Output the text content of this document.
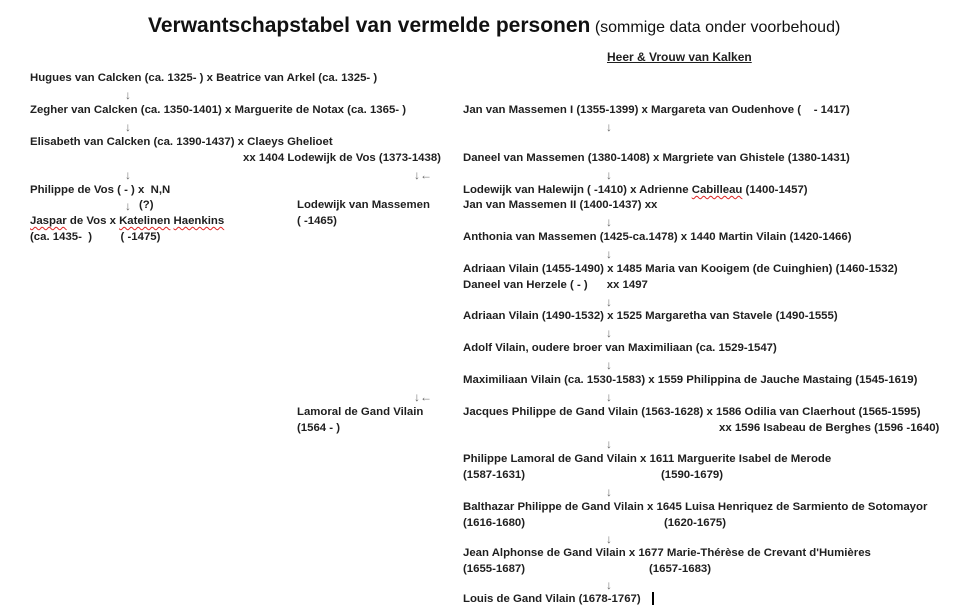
Verwantschapstabel van vermelde personen (sommige data onder voorbehoud)
Heer & Vrouw van Kalken
Hugues van Calcken (ca. 1325- ) x Beatrice van Arkel (ca. 1325- )
↓
Zegher van Calcken (ca. 1350-1401) x Marguerite de Notax (ca. 1365- )
↓
Elisabeth van Calcken (ca. 1390-1437) x Claeys Ghelioet
xx 1404 Lodewijk de Vos (1373-1438)
↓	↓←
Philippe de Vos ( - ) x  N,N
↓ (?)
Jaspar de Vos x Katelinen Haenkins
(ca. 1435-  )         ( -1475)
Lodewijk van Massemen
( -1465)
↓←
Lamoral de Gand Vilain
(1564 - )
Jan van Massemen I (1355-1399) x Margareta van Oudenhove (    - 1417)
↓
Daneel van Massemen (1380-1408) x Margriete van Ghistele (1380-1431)
↓
Lodewijk van Halewijn ( -1410) x Adrienne Cabilleau (1400-1457)
Jan van Massemen II (1400-1437) xx
↓
Anthonia van Massemen (1425-ca.1478) x 1440 Martin Vilain (1420-1466)
↓
Adriaan Vilain (1455-1490) x 1485 Maria van Kooigem (de Cuinghien) (1460-1532)
Daneel van Herzele ( - )      xx 1497
↓
Adriaan Vilain (1490-1532) x 1525 Margaretha van Stavele (1490-1555)
↓
Adolf Vilain, oudere broer van Maximiliaan (ca. 1529-1547)
↓
Maximiliaan Vilain (ca. 1530-1583) x 1559 Philippina de Jauche Mastaing (1545-1619)
↓
Jacques Philippe de Gand Vilain (1563-1628) x 1586 Odilia van Claerhout (1565-1595)
xx 1596 Isabeau de Berghes (1596 -1640)
↓
Philippe Lamoral de Gand Vilain x 1611 Marguerite Isabel de Merode
(1587-1631)	(1590-1679)
↓
Balthazar Philippe de Gand Vilain x 1645 Luisa Henriquez de Sarmiento de Sotomayor
(1616-1680)	(1620-1675)
↓
Jean Alphonse de Gand Vilain x 1677 Marie-Thérèse de Crevant d'Humières
(1655-1687)	(1657-1683)
↓
Louis de Gand Vilain (1678-1767)
